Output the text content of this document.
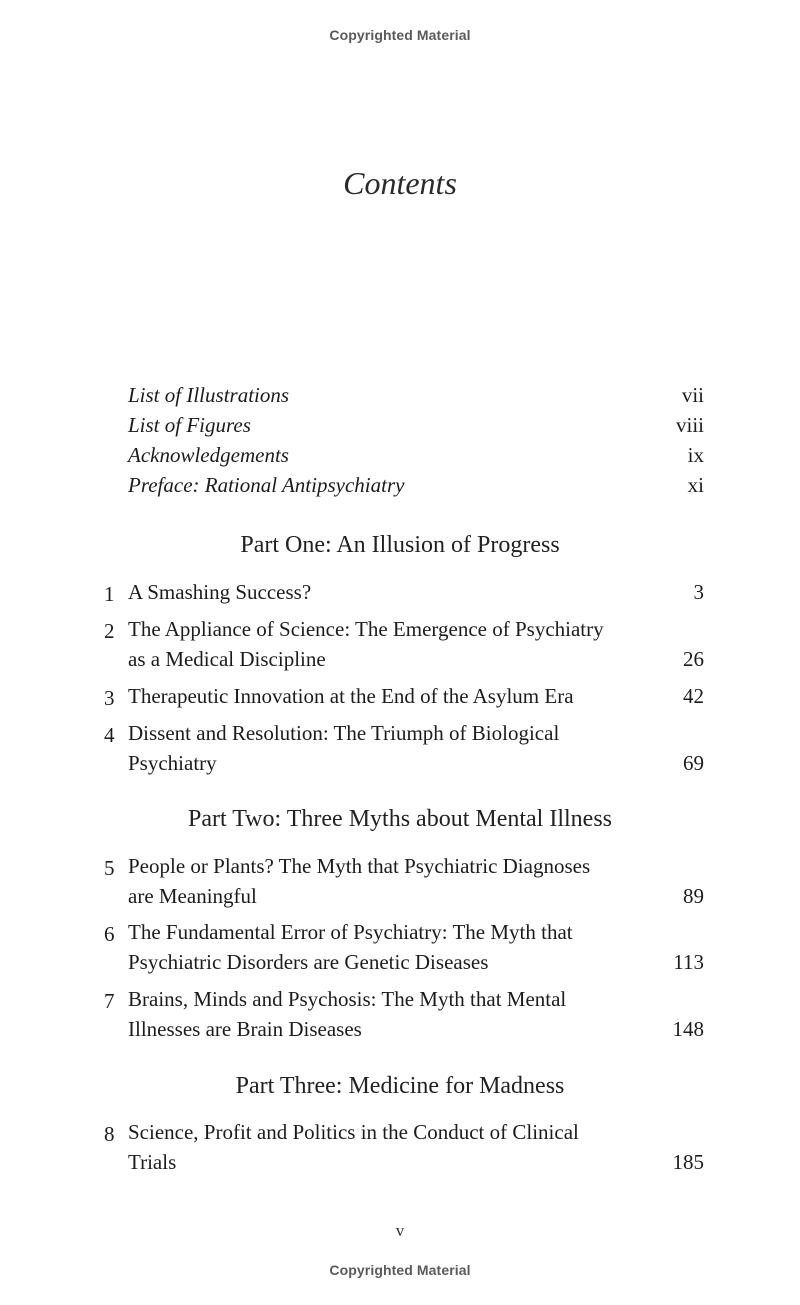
Copyrighted Material
Contents
List of Illustrations	vii
List of Figures	viii
Acknowledgements	ix
Preface: Rational Antipsychiatry	xi
Part One: An Illusion of Progress
1 A Smashing Success?	3
2 The Appliance of Science: The Emergence of Psychiatry
as a Medical Discipline	26
3 Therapeutic Innovation at the End of the Asylum Era	42
4 Dissent and Resolution: The Triumph of Biological
Psychiatry	69
Part Two: Three Myths about Mental Illness
5 People or Plants? The Myth that Psychiatric Diagnoses
are Meaningful	89
6 The Fundamental Error of Psychiatry: The Myth that
Psychiatric Disorders are Genetic Diseases	113
7 Brains, Minds and Psychosis: The Myth that Mental
Illnesses are Brain Diseases	148
Part Three: Medicine for Madness
8 Science, Profit and Politics in the Conduct of Clinical
Trials	185
v
Copyrighted Material
